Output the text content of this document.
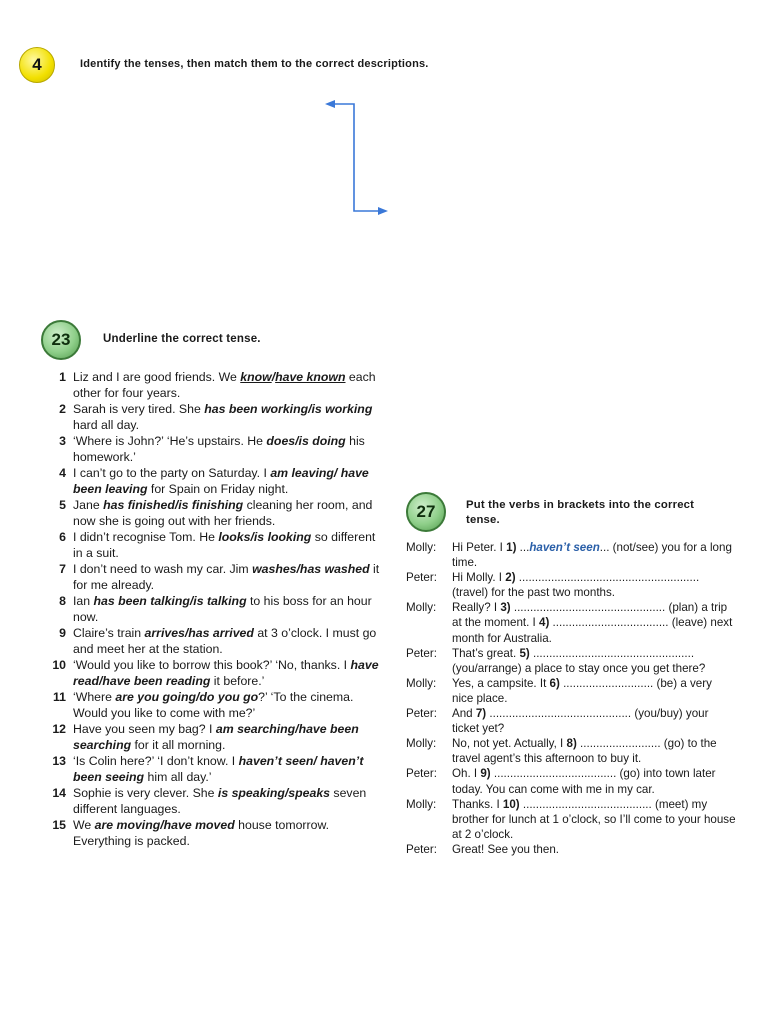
4	Identify the tenses, then match them to the correct descriptions.
23	Underline the correct tense.
1 Liz and I are good friends. We know/have known each other for four years.
2 Sarah is very tired. She has been working/is working hard all day.
3 ‘Where is John?’ ‘He’s upstairs. He does/is doing his homework.’
4 I can’t go to the party on Saturday. I am leaving/ have been leaving for Spain on Friday night.
5 Jane has finished/is finishing cleaning her room, and now she is going out with her friends.
6 I didn’t recognise Tom. He looks/is looking so different in a suit.
7 I don’t need to wash my car. Jim washes/has washed it for me already.
8 Ian has been talking/is talking to his boss for an hour now.
9 Claire’s train arrives/has arrived at 3 o’clock. I must go and meet her at the station.
10 ‘Would you like to borrow this book?’ ‘No, thanks. I have read/have been reading it before.’
11 ‘Where are you going/do you go?’ ‘To the cinema. Would you like to come with me?’
12 Have you seen my bag? I am searching/have been searching for it all morning.
13 ‘Is Colin here?’ ‘I don’t know. I haven’t seen/ haven’t been seeing him all day.’
14 Sophie is very clever. She is speaking/speaks seven different languages.
15 We are moving/have moved house tomorrow. Everything is packed.
27	Put the verbs in brackets into the correct tense.
Molly: Hi Peter. I 1) ...haven’t seen... (not/see) you for a long time.
Peter: Hi Molly. I 2) ........................................................ (travel) for the past two months.
Molly: Really? I 3) ............................................... (plan) a trip at the moment. I 4) .................................... (leave) next month for Australia.
Peter: That’s great. 5) .................................................. (you/arrange) a place to stay once you get there?
Molly: Yes, a campsite. It 6) ............................ (be) a very nice place.
Peter: And 7) ............................................ (you/buy) your ticket yet?
Molly: No, not yet. Actually, I 8) ......................... (go) to the travel agent’s this afternoon to buy it.
Peter: Oh. I 9) ...................................... (go) into town later today. You can come with me in my car.
Molly: Thanks. I 10) ........................................ (meet) my brother for lunch at 1 o’clock, so I’ll come to your house at 2 o’clock.
Peter: Great! See you then.
